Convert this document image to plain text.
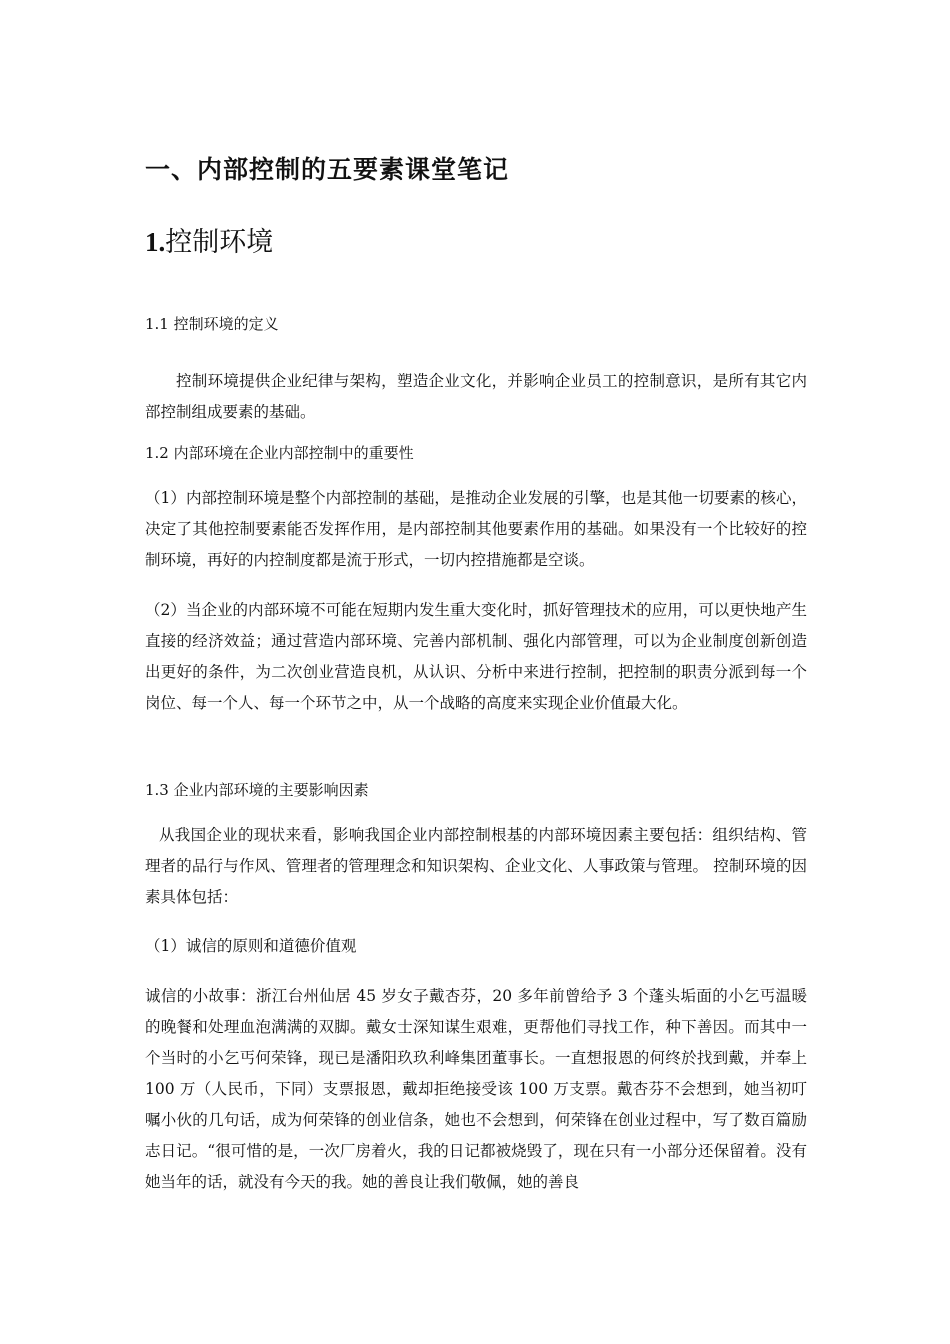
一、内部控制的五要素课堂笔记
1.控制环境
1.1 控制环境的定义

控制环境提供企业纪律与架构，塑造企业文化，并影响企业员工的控制意识，是所有其它内部控制组成要素的基础。

1.2 内部环境在企业内部控制中的重要性

（1）内部控制环境是整个内部控制的基础，是推动企业发展的引擎，也是其他一切要素的核心，决定了其他控制要素能否发挥作用，是内部控制其他要素作用的基础。如果没有一个比较好的控制环境，再好的内控制度都是流于形式，一切内控措施都是空谈。

（2）当企业的内部环境不可能在短期内发生重大变化时，抓好管理技术的应用，可以更快地产生直接的经济效益；通过营造内部环境、完善内部机制、强化内部管理，可以为企业制度创新创造出更好的条件，为二次创业营造良机，从认识、分析中来进行控制，把控制的职责分派到每一个岗位、每一个人、每一个环节之中，从一个战略的高度来实现企业价值最大化。

1.3 企业内部环境的主要影响因素

从我国企业的现状来看，影响我国企业内部控制根基的内部环境因素主要包括：组织结构、管理者的品行与作风、管理者的管理理念和知识架构、企业文化、人事政策与管理。 控制环境的因素具体包括：

（1）诚信的原则和道德价值观

诚信的小故事：浙江台州仙居 45 岁女子戴杏芬，20 多年前曾给予 3 个蓬头垢面的小乞丐温暖的晚餐和处理血泡满满的双脚。戴女士深知谋生艰难，更帮他们寻找工作，种下善因。而其中一个当时的小乞丐何荣锋，现已是潘阳玖玖利峰集团董事长。一直想报恩的何终於找到戴，并奉上 100 万（人民币，下同）支票报恩，戴却拒绝接受该 100 万支票。戴杏芬不会想到，她当初叮嘱小伙的几句话，成为何荣锋的创业信条，她也不会想到，何荣锋在创业过程中，写了数百篇励志日记。“很可惜的是，一次厂房着火，我的日记都被烧毁了，现在只有一小部分还保留着。没有她当年的话，就没有今天的我。她的善良让我们敬佩，她的善良
